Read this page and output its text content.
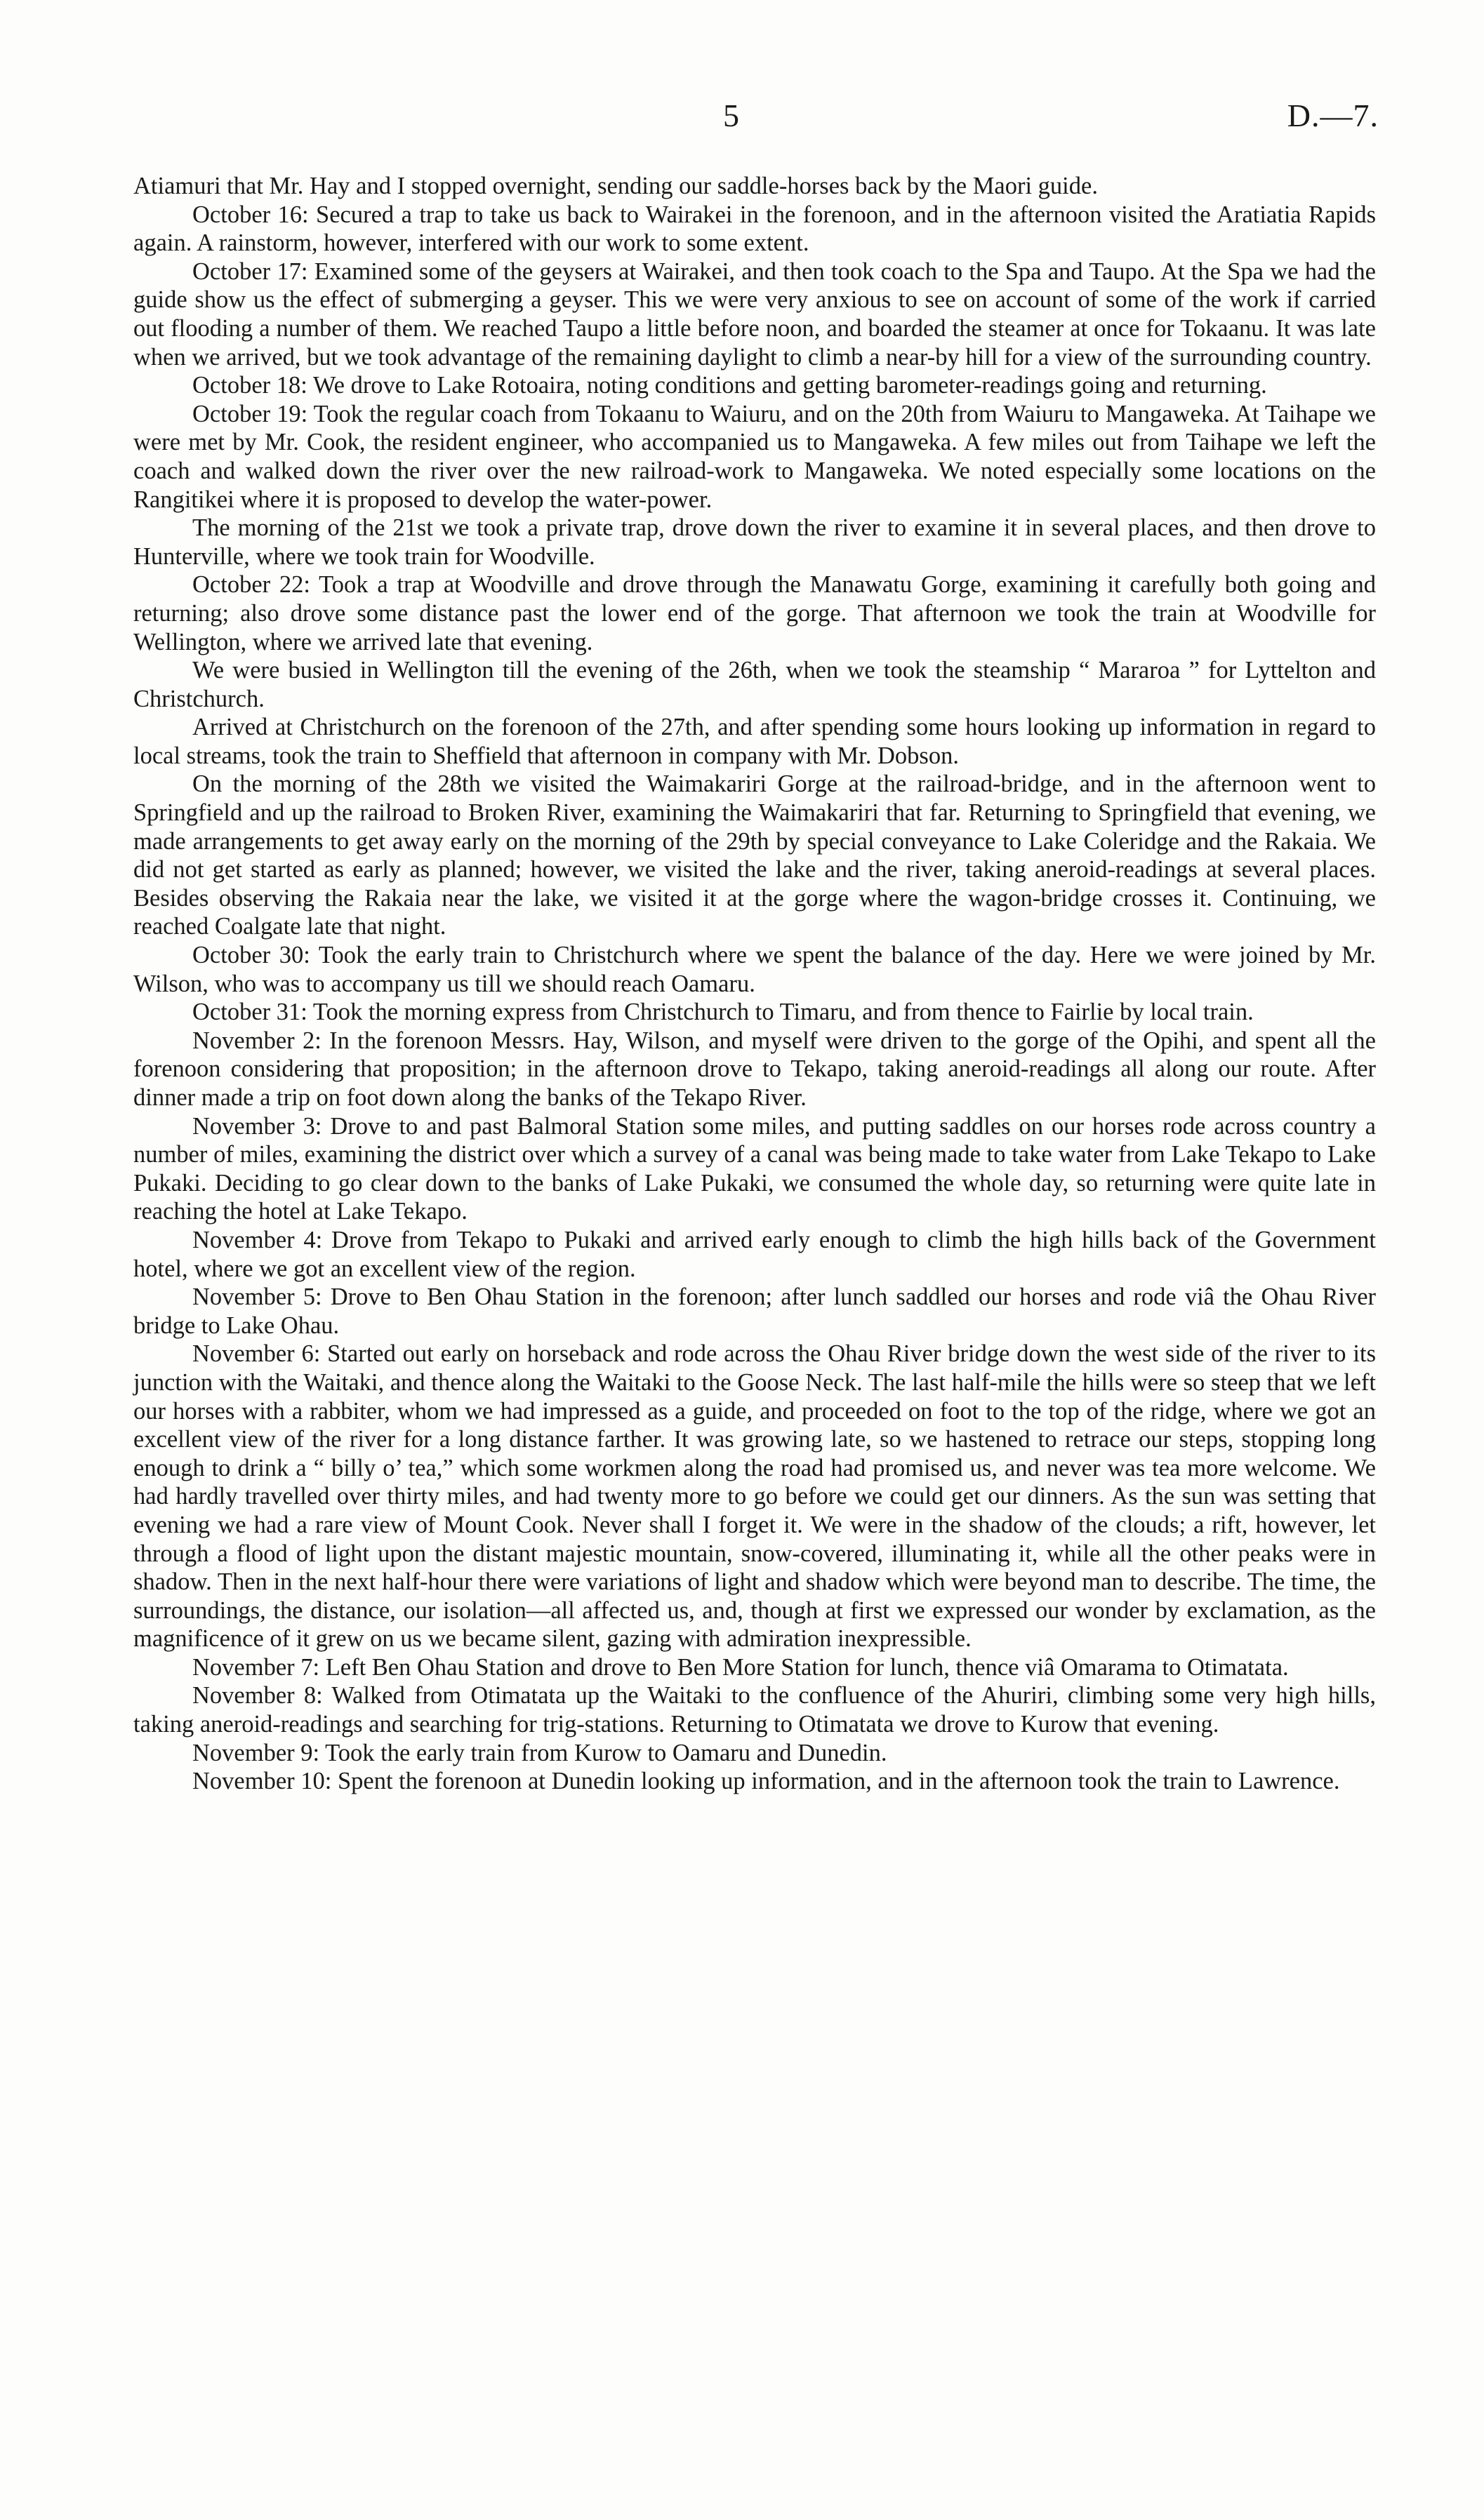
5	D.—7.

Atiamuri that Mr. Hay and I stopped overnight, sending our saddle-horses back by the Maori guide.

October 16: Secured a trap to take us back to Wairakei in the forenoon, and in the afternoon visited the Aratiatia Rapids again. A rainstorm, however, interfered with our work to some extent.

October 17: Examined some of the geysers at Wairakei, and then took coach to the Spa and Taupo. At the Spa we had the guide show us the effect of submerging a geyser. This we were very anxious to see on account of some of the work if carried out flooding a number of them. We reached Taupo a little before noon, and boarded the steamer at once for Tokaanu. It was late when we arrived, but we took advantage of the remaining daylight to climb a near-by hill for a view of the surrounding country.

October 18: We drove to Lake Rotoaira, noting conditions and getting barometer-readings going and returning.

October 19: Took the regular coach from Tokaanu to Waiuru, and on the 20th from Waiuru to Mangaweka. At Taihape we were met by Mr. Cook, the resident engineer, who accompanied us to Mangaweka. A few miles out from Taihape we left the coach and walked down the river over the new railroad-work to Mangaweka. We noted especially some locations on the Rangitikei where it is proposed to develop the water-power.

The morning of the 21st we took a private trap, drove down the river to examine it in several places, and then drove to Hunterville, where we took train for Woodville.

October 22: Took a trap at Woodville and drove through the Manawatu Gorge, examining it carefully both going and returning; also drove some distance past the lower end of the gorge. That afternoon we took the train at Woodville for Wellington, where we arrived late that evening.

We were busied in Wellington till the evening of the 26th, when we took the steamship “ Mararoa ” for Lyttelton and Christchurch.

Arrived at Christchurch on the forenoon of the 27th, and after spending some hours looking up information in regard to local streams, took the train to Sheffield that afternoon in company with Mr. Dobson.

On the morning of the 28th we visited the Waimakariri Gorge at the railroad-bridge, and in the afternoon went to Springfield and up the railroad to Broken River, examining the Waimakariri that far. Returning to Springfield that evening, we made arrangements to get away early on the morning of the 29th by special conveyance to Lake Coleridge and the Rakaia. We did not get started as early as planned; however, we visited the lake and the river, taking aneroid-readings at several places. Besides observing the Rakaia near the lake, we visited it at the gorge where the wagon-bridge crosses it. Continuing, we reached Coalgate late that night.

October 30: Took the early train to Christchurch where we spent the balance of the day. Here we were joined by Mr. Wilson, who was to accompany us till we should reach Oamaru.

October 31: Took the morning express from Christchurch to Timaru, and from thence to Fairlie by local train.

November 2: In the forenoon Messrs. Hay, Wilson, and myself were driven to the gorge of the Opihi, and spent all the forenoon considering that proposition; in the afternoon drove to Tekapo, taking aneroid-readings all along our route. After dinner made a trip on foot down along the banks of the Tekapo River.

November 3: Drove to and past Balmoral Station some miles, and putting saddles on our horses rode across country a number of miles, examining the district over which a survey of a canal was being made to take water from Lake Tekapo to Lake Pukaki. Deciding to go clear down to the banks of Lake Pukaki, we consumed the whole day, so returning were quite late in reaching the hotel at Lake Tekapo.

November 4: Drove from Tekapo to Pukaki and arrived early enough to climb the high hills back of the Government hotel, where we got an excellent view of the region.

November 5: Drove to Ben Ohau Station in the forenoon; after lunch saddled our horses and rode viâ the Ohau River bridge to Lake Ohau.

November 6: Started out early on horseback and rode across the Ohau River bridge down the west side of the river to its junction with the Waitaki, and thence along the Waitaki to the Goose Neck. The last half-mile the hills were so steep that we left our horses with a rabbiter, whom we had impressed as a guide, and proceeded on foot to the top of the ridge, where we got an excellent view of the river for a long distance farther. It was growing late, so we hastened to retrace our steps, stopping long enough to drink a “ billy o’ tea,” which some workmen along the road had promised us, and never was tea more welcome. We had hardly travelled over thirty miles, and had twenty more to go before we could get our dinners. As the sun was setting that evening we had a rare view of Mount Cook. Never shall I forget it. We were in the shadow of the clouds; a rift, however, let through a flood of light upon the distant majestic mountain, snow-covered, illuminating it, while all the other peaks were in shadow. Then in the next half-hour there were variations of light and shadow which were beyond man to describe. The time, the surroundings, the distance, our isolation—all affected us, and, though at first we expressed our wonder by exclamation, as the magnificence of it grew on us we became silent, gazing with admiration inexpressible.

November 7: Left Ben Ohau Station and drove to Ben More Station for lunch, thence viâ Omarama to Otimatata.

November 8: Walked from Otimatata up the Waitaki to the confluence of the Ahuriri, climbing some very high hills, taking aneroid-readings and searching for trig-stations. Returning to Otimatata we drove to Kurow that evening.

November 9: Took the early train from Kurow to Oamaru and Dunedin.

November 10: Spent the forenoon at Dunedin looking up information, and in the afternoon took the train to Lawrence.
